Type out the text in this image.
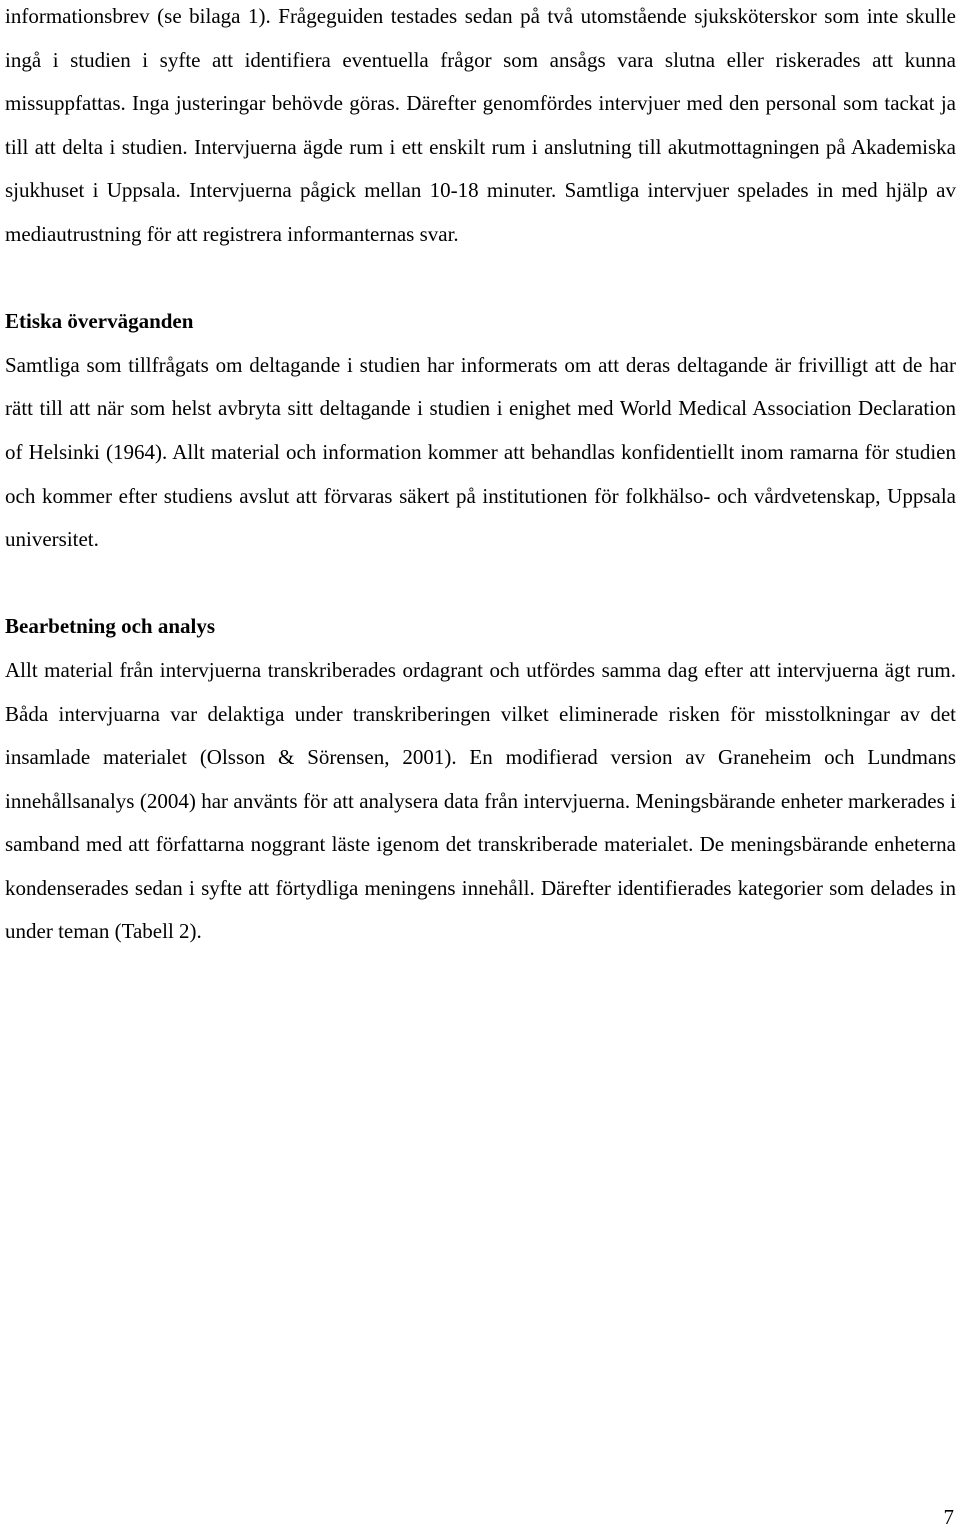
informationsbrev (se bilaga 1). Frågeguiden testades sedan på två utomstående sjuksköterskor som inte skulle ingå i studien i syfte att identifiera eventuella frågor som ansågs vara slutna eller riskerades att kunna missuppfattas. Inga justeringar behövde göras. Därefter genomfördes intervjuer med den personal som tackat ja till att delta i studien. Intervjuerna ägde rum i ett enskilt rum i anslutning till akutmottagningen på Akademiska sjukhuset i Uppsala. Intervjuerna pågick mellan 10-18 minuter. Samtliga intervjuer spelades in med hjälp av mediautrustning för att registrera informanternas svar.

Etiska överväganden

Samtliga som tillfrågats om deltagande i studien har informerats om att deras deltagande är frivilligt att de har rätt till att när som helst avbryta sitt deltagande i studien i enighet med World Medical Association Declaration of Helsinki (1964). Allt material och information kommer att behandlas konfidentiellt inom ramarna för studien och kommer efter studiens avslut att förvaras säkert på institutionen för folkhälso- och vårdvetenskap, Uppsala universitet.

Bearbetning och analys

Allt material från intervjuerna transkriberades ordagrant och utfördes samma dag efter att intervjuerna ägt rum. Båda intervjuarna var delaktiga under transkriberingen vilket eliminerade risken för misstolkningar av det insamlade materialet (Olsson & Sörensen, 2001). En modifierad version av Graneheim och Lundmans innehållsanalys (2004) har använts för att analysera data från intervjuerna. Meningsbärande enheter markerades i samband med att författarna noggrant läste igenom det transkriberade materialet. De meningsbärande enheterna kondenserades sedan i syfte att förtydliga meningens innehåll. Därefter identifierades kategorier som delades in under teman (Tabell 2).

7
